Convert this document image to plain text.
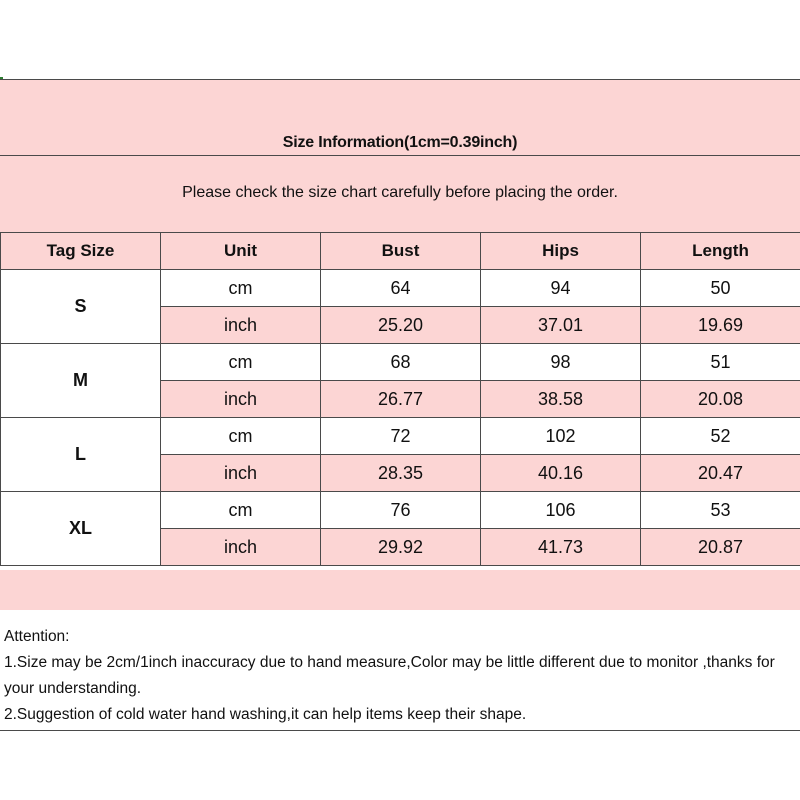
Size Information(1cm=0.39inch)
Please check the size chart carefully before placing the order.
Tag Size	Unit	Bust	Hips	Length
S	cm	64	94	50
	inch	25.20	37.01	19.69
M	cm	68	98	51
	inch	26.77	38.58	20.08
L	cm	72	102	52
	inch	28.35	40.16	20.47
XL	cm	76	106	53
	inch	29.92	41.73	20.87
Attention:
1.Size may be 2cm/1inch inaccuracy due to hand measure,Color may be little different due to monitor ,thanks for your understanding.
2.Suggestion of cold water hand washing,it can help items keep their shape.
